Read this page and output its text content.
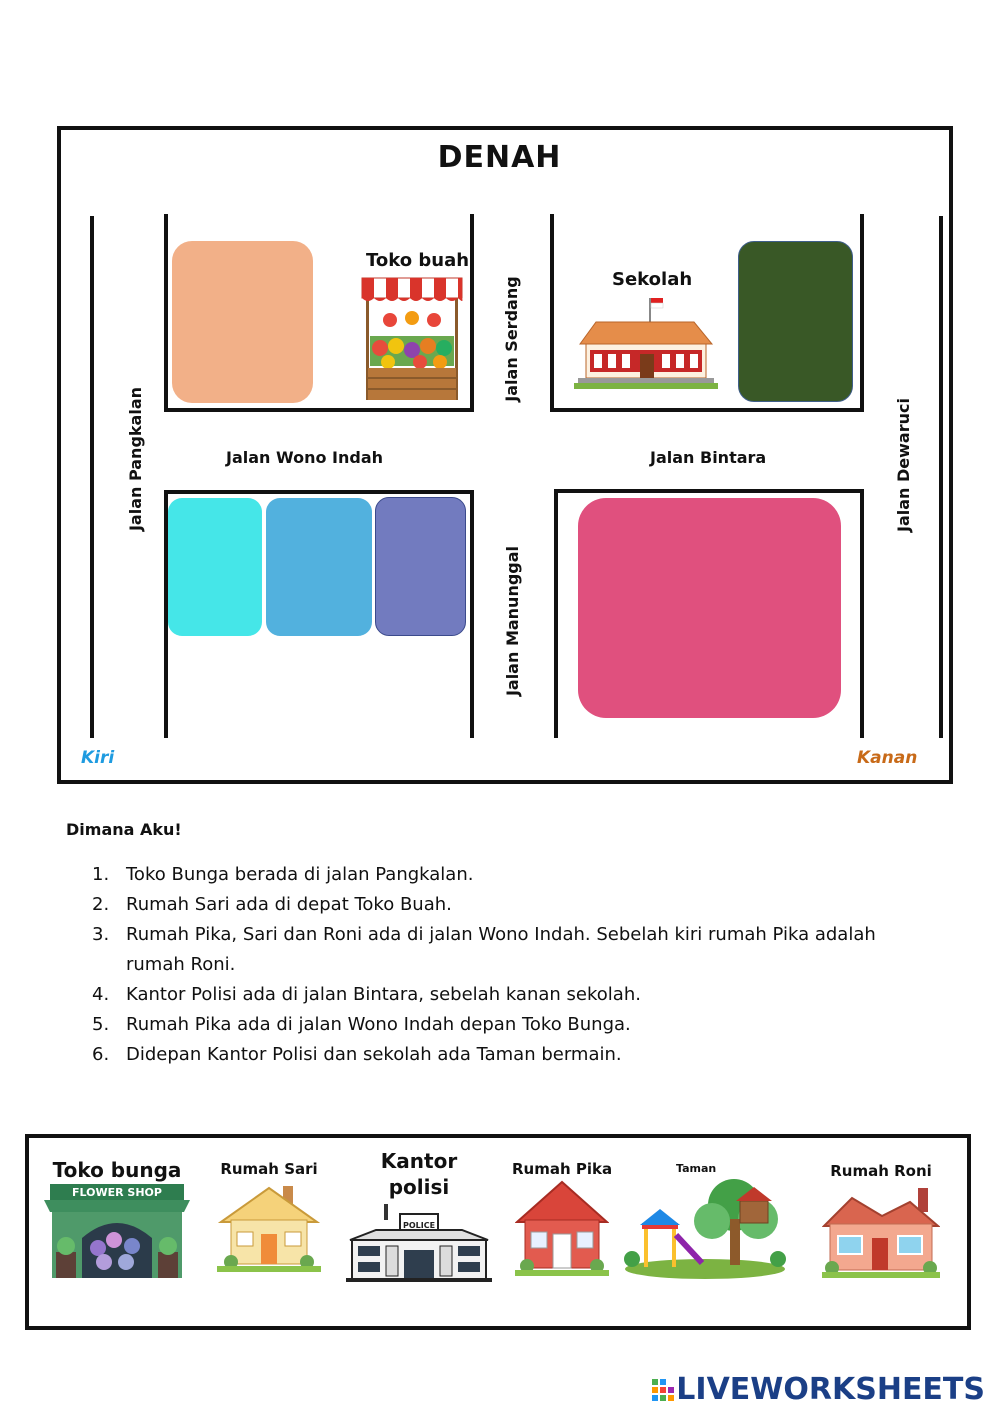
DENAH
Toko buah
Sekolah
Jalan Wono Indah	Jalan Bintara
Jalan Pangkalan
Jalan Serdang
Jalan Manunggal
Jalan Dewaruci
Kiri	Kanan
Dimana Aku!
1. Toko Bunga berada di jalan Pangkalan.
2. Rumah Sari ada di depat Toko Buah.
3. Rumah Pika, Sari dan Roni ada di jalan Wono Indah. Sebelah kiri rumah Pika adalah rumah Roni.
4. Kantor Polisi ada di jalan Bintara, sebelah kanan sekolah.
5. Rumah Pika ada di jalan Wono Indah depan Toko Bunga.
6. Didepan Kantor Polisi dan sekolah ada Taman bermain.
Toko bunga
FLOWER SHOP
Rumah Sari	Kantor
polisi
POLICE
Rumah Pika	Taman	Rumah Roni
LIVEWORKSHEETS
